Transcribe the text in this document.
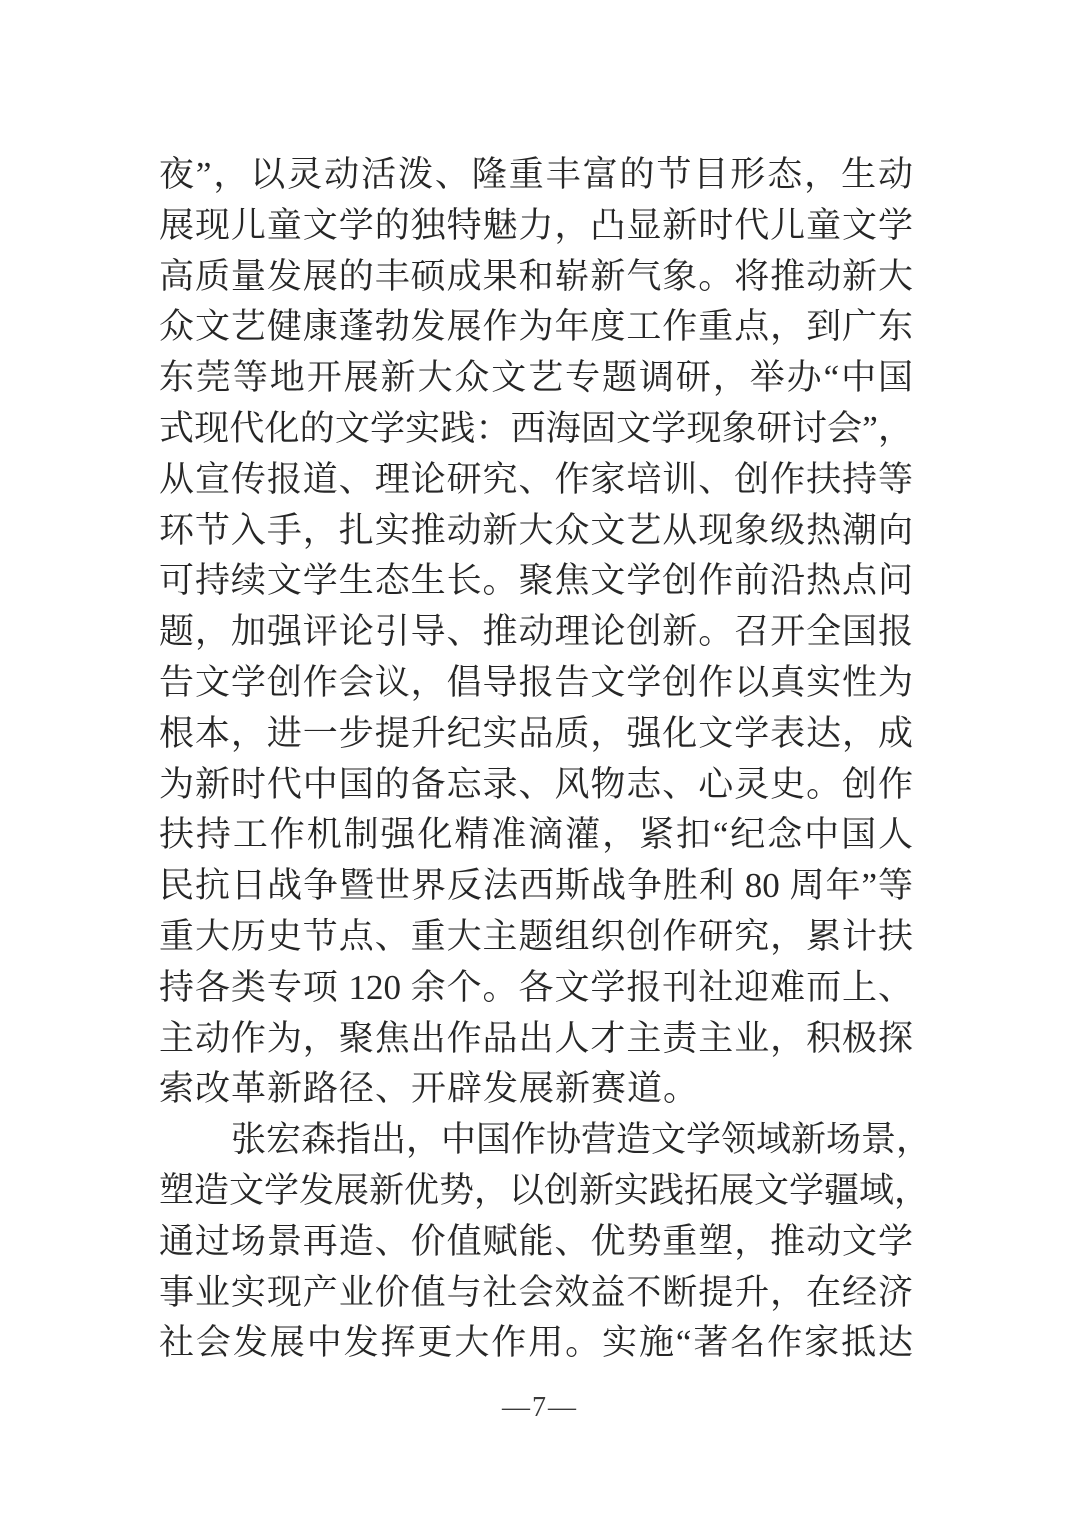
夜”，以灵动活泼、隆重丰富的节目形态，生动
展现儿童文学的独特魅力，凸显新时代儿童文学
高质量发展的丰硕成果和崭新气象。将推动新大
众文艺健康蓬勃发展作为年度工作重点，到广东
东莞等地开展新大众文艺专题调研，举办“中国
式现代化的文学实践：西海固文学现象研讨会”，
从宣传报道、理论研究、作家培训、创作扶持等
环节入手，扎实推动新大众文艺从现象级热潮向
可持续文学生态生长。聚焦文学创作前沿热点问
题，加强评论引导、推动理论创新。召开全国报
告文学创作会议，倡导报告文学创作以真实性为
根本，进一步提升纪实品质，强化文学表达，成
为新时代中国的备忘录、风物志、心灵史。创作
扶持工作机制强化精准滴灌，紧扣“纪念中国人
民抗日战争暨世界反法西斯战争胜利 80 周年”等
重大历史节点、重大主题组织创作研究，累计扶
持各类专项 120 余个。各文学报刊社迎难而上、
主动作为，聚焦出作品出人才主责主业，积极探
索改革新路径、开辟发展新赛道。
张宏森指出，中国作协营造文学领域新场景，
塑造文学发展新优势，以创新实践拓展文学疆域，
通过场景再造、价值赋能、优势重塑，推动文学
事业实现产业价值与社会效益不断提升，在经济
社会发展中发挥更大作用。实施“著名作家抵达
—7—
